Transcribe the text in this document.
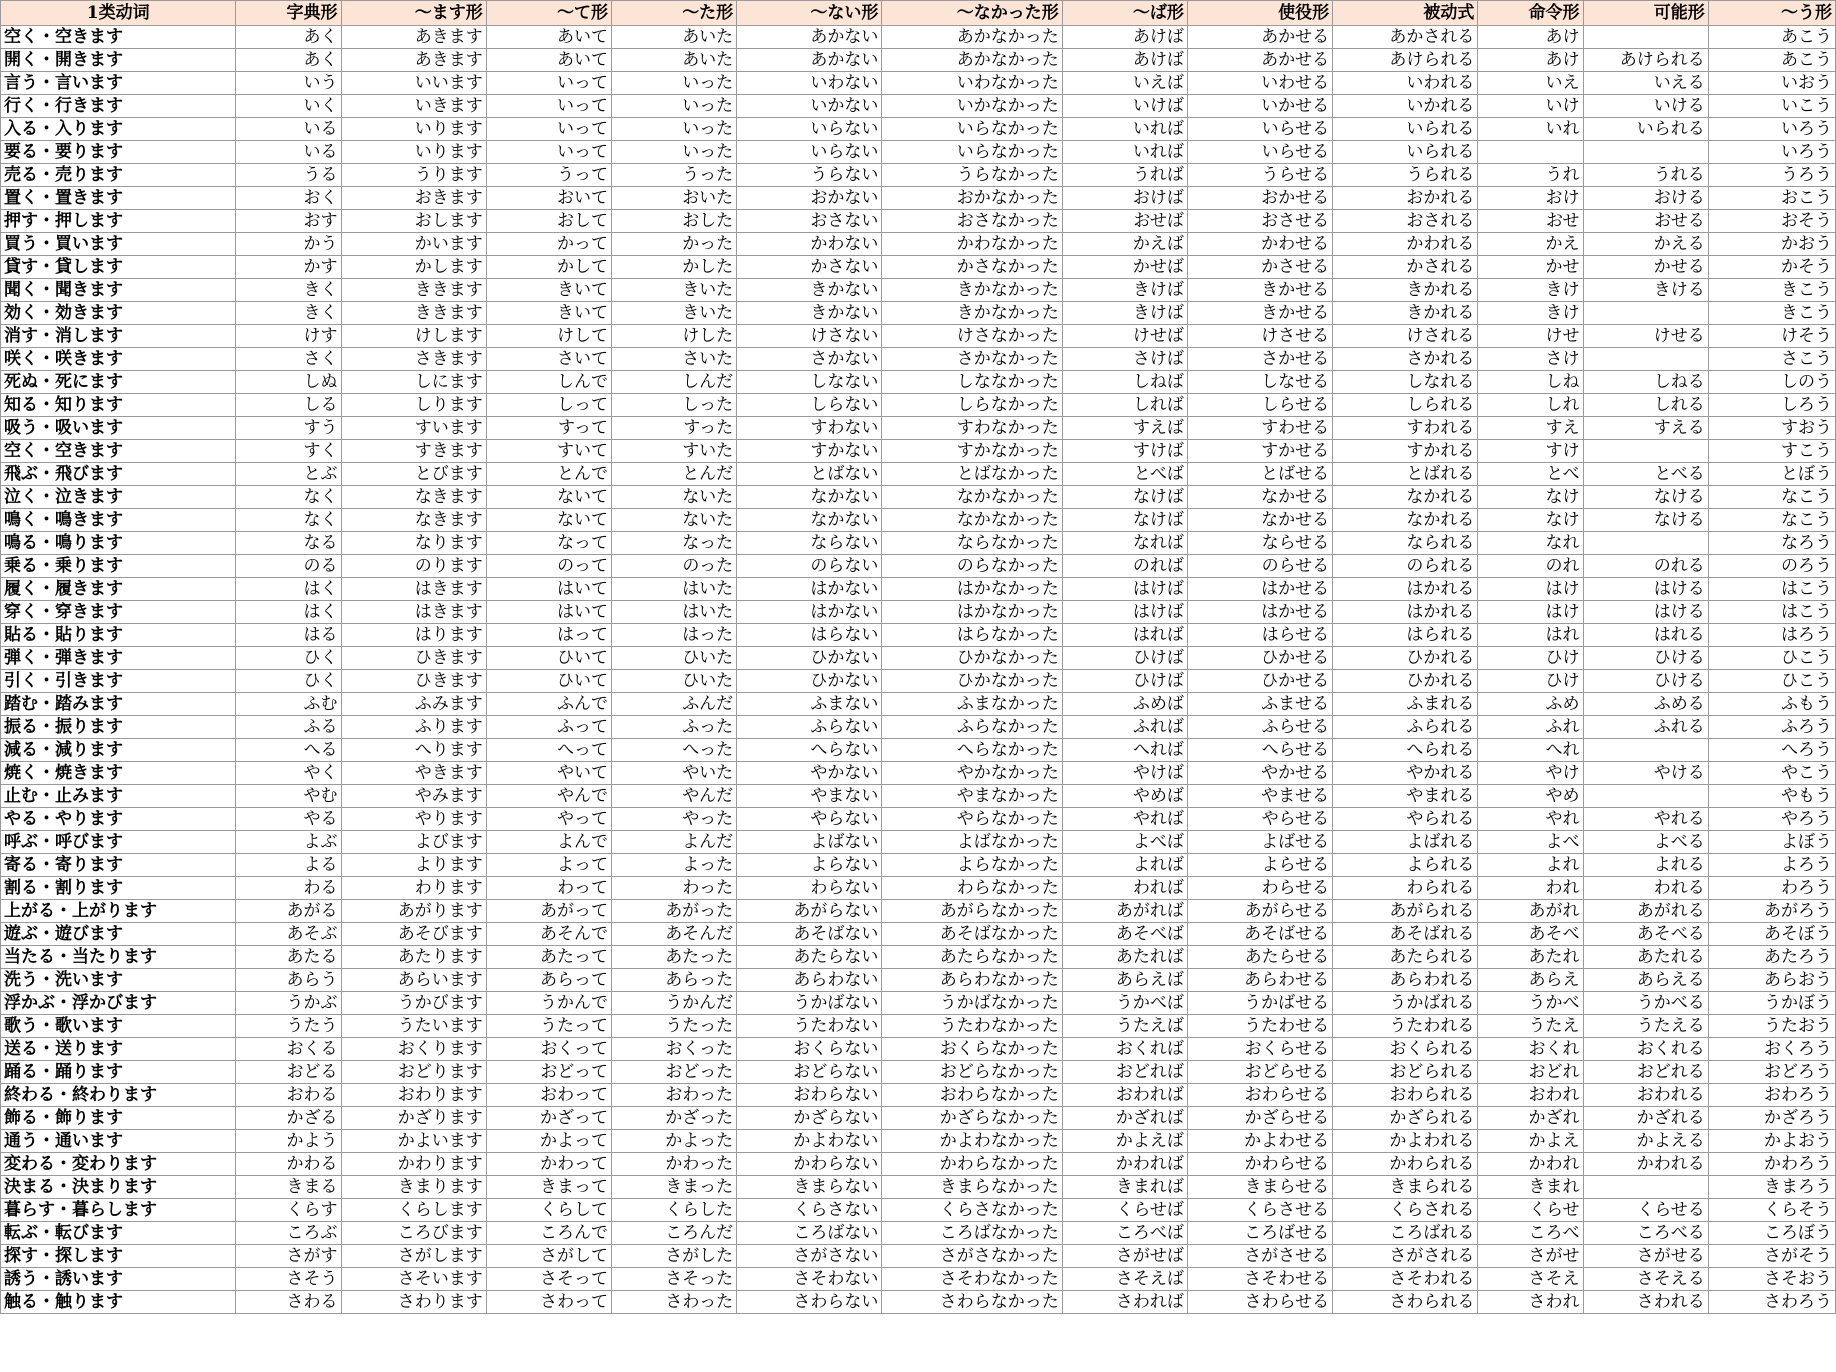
1类动词	字典形	～ます形	～て形	～た形	～ない形	～なかった形	～ば形	使役形	被动式	命令形	可能形	～う形
空く・空きます	あく	あきます	あいて	あいた	あかない	あかなかった	あけば	あかせる	あかされる	あけ		あこう
開く・開きます	あく	あきます	あいて	あいた	あかない	あかなかった	あけば	あかせる	あけられる	あけ	あけられる	あこう
言う・言います	いう	いいます	いって	いった	いわない	いわなかった	いえば	いわせる	いわれる	いえ	いえる	いおう
行く・行きます	いく	いきます	いって	いった	いかない	いかなかった	いけば	いかせる	いかれる	いけ	いける	いこう
入る・入ります	いる	いります	いって	いった	いらない	いらなかった	いれば	いらせる	いられる	いれ	いられる	いろう
要る・要ります	いる	いります	いって	いった	いらない	いらなかった	いれば	いらせる	いられる			いろう
売る・売ります	うる	うります	うって	うった	うらない	うらなかった	うれば	うらせる	うられる	うれ	うれる	うろう
置く・置きます	おく	おきます	おいて	おいた	おかない	おかなかった	おけば	おかせる	おかれる	おけ	おける	おこう
押す・押します	おす	おします	おして	おした	おさない	おさなかった	おせば	おさせる	おされる	おせ	おせる	おそう
買う・買います	かう	かいます	かって	かった	かわない	かわなかった	かえば	かわせる	かわれる	かえ	かえる	かおう
貸す・貸します	かす	かします	かして	かした	かさない	かさなかった	かせば	かさせる	かされる	かせ	かせる	かそう
聞く・聞きます	きく	ききます	きいて	きいた	きかない	きかなかった	きけば	きかせる	きかれる	きけ	きける	きこう
効く・効きます	きく	ききます	きいて	きいた	きかない	きかなかった	きけば	きかせる	きかれる	きけ		きこう
消す・消します	けす	けします	けして	けした	けさない	けさなかった	けせば	けさせる	けされる	けせ	けせる	けそう
咲く・咲きます	さく	さきます	さいて	さいた	さかない	さかなかった	さけば	さかせる	さかれる	さけ		さこう
死ぬ・死にます	しぬ	しにます	しんで	しんだ	しなない	しななかった	しねば	しなせる	しなれる	しね	しねる	しのう
知る・知ります	しる	しります	しって	しった	しらない	しらなかった	しれば	しらせる	しられる	しれ	しれる	しろう
吸う・吸います	すう	すいます	すって	すった	すわない	すわなかった	すえば	すわせる	すわれる	すえ	すえる	すおう
空く・空きます	すく	すきます	すいて	すいた	すかない	すかなかった	すけば	すかせる	すかれる	すけ		すこう
飛ぶ・飛びます	とぶ	とびます	とんで	とんだ	とばない	とばなかった	とべば	とばせる	とばれる	とべ	とべる	とぼう
泣く・泣きます	なく	なきます	ないて	ないた	なかない	なかなかった	なけば	なかせる	なかれる	なけ	なける	なこう
鳴く・鳴きます	なく	なきます	ないて	ないた	なかない	なかなかった	なけば	なかせる	なかれる	なけ	なける	なこう
鳴る・鳴ります	なる	なります	なって	なった	ならない	ならなかった	なれば	ならせる	なられる	なれ		なろう
乗る・乗ります	のる	のります	のって	のった	のらない	のらなかった	のれば	のらせる	のられる	のれ	のれる	のろう
履く・履きます	はく	はきます	はいて	はいた	はかない	はかなかった	はけば	はかせる	はかれる	はけ	はける	はこう
穿く・穿きます	はく	はきます	はいて	はいた	はかない	はかなかった	はけば	はかせる	はかれる	はけ	はける	はこう
貼る・貼ります	はる	はります	はって	はった	はらない	はらなかった	はれば	はらせる	はられる	はれ	はれる	はろう
弾く・弾きます	ひく	ひきます	ひいて	ひいた	ひかない	ひかなかった	ひけば	ひかせる	ひかれる	ひけ	ひける	ひこう
引く・引きます	ひく	ひきます	ひいて	ひいた	ひかない	ひかなかった	ひけば	ひかせる	ひかれる	ひけ	ひける	ひこう
踏む・踏みます	ふむ	ふみます	ふんで	ふんだ	ふまない	ふまなかった	ふめば	ふませる	ふまれる	ふめ	ふめる	ふもう
振る・振ります	ふる	ふります	ふって	ふった	ふらない	ふらなかった	ふれば	ふらせる	ふられる	ふれ	ふれる	ふろう
減る・減ります	へる	へります	へって	へった	へらない	へらなかった	へれば	へらせる	へられる	へれ		へろう
焼く・焼きます	やく	やきます	やいて	やいた	やかない	やかなかった	やけば	やかせる	やかれる	やけ	やける	やこう
止む・止みます	やむ	やみます	やんで	やんだ	やまない	やまなかった	やめば	やませる	やまれる	やめ		やもう
やる・やります	やる	やります	やって	やった	やらない	やらなかった	やれば	やらせる	やられる	やれ	やれる	やろう
呼ぶ・呼びます	よぶ	よびます	よんで	よんだ	よばない	よばなかった	よべば	よばせる	よばれる	よべ	よべる	よぼう
寄る・寄ります	よる	よります	よって	よった	よらない	よらなかった	よれば	よらせる	よられる	よれ	よれる	よろう
割る・割ります	わる	わります	わって	わった	わらない	わらなかった	われば	わらせる	わられる	われ	われる	わろう
上がる・上がります	あがる	あがります	あがって	あがった	あがらない	あがらなかった	あがれば	あがらせる	あがられる	あがれ	あがれる	あがろう
遊ぶ・遊びます	あそぶ	あそびます	あそんで	あそんだ	あそばない	あそばなかった	あそべば	あそばせる	あそばれる	あそべ	あそべる	あそぼう
当たる・当たります	あたる	あたります	あたって	あたった	あたらない	あたらなかった	あたれば	あたらせる	あたられる	あたれ	あたれる	あたろう
洗う・洗います	あらう	あらいます	あらって	あらった	あらわない	あらわなかった	あらえば	あらわせる	あらわれる	あらえ	あらえる	あらおう
浮かぶ・浮かびます	うかぶ	うかびます	うかんで	うかんだ	うかばない	うかばなかった	うかべば	うかばせる	うかばれる	うかべ	うかべる	うかぼう
歌う・歌います	うたう	うたいます	うたって	うたった	うたわない	うたわなかった	うたえば	うたわせる	うたわれる	うたえ	うたえる	うたおう
送る・送ります	おくる	おくります	おくって	おくった	おくらない	おくらなかった	おくれば	おくらせる	おくられる	おくれ	おくれる	おくろう
踊る・踊ります	おどる	おどります	おどって	おどった	おどらない	おどらなかった	おどれば	おどらせる	おどられる	おどれ	おどれる	おどろう
終わる・終わります	おわる	おわります	おわって	おわった	おわらない	おわらなかった	おわれば	おわらせる	おわられる	おわれ	おわれる	おわろう
飾る・飾ります	かざる	かざります	かざって	かざった	かざらない	かざらなかった	かざれば	かざらせる	かざられる	かざれ	かざれる	かざろう
通う・通います	かよう	かよいます	かよって	かよった	かよわない	かよわなかった	かよえば	かよわせる	かよわれる	かよえ	かよえる	かよおう
変わる・変わります	かわる	かわります	かわって	かわった	かわらない	かわらなかった	かわれば	かわらせる	かわられる	かわれ	かわれる	かわろう
決まる・決まります	きまる	きまります	きまって	きまった	きまらない	きまらなかった	きまれば	きまらせる	きまられる	きまれ		きまろう
暮らす・暮らします	くらす	くらします	くらして	くらした	くらさない	くらさなかった	くらせば	くらさせる	くらされる	くらせ	くらせる	くらそう
転ぶ・転びます	ころぶ	ころびます	ころんで	ころんだ	ころばない	ころばなかった	ころべば	ころばせる	ころばれる	ころべ	ころべる	ころぼう
探す・探します	さがす	さがします	さがして	さがした	さがさない	さがさなかった	さがせば	さがさせる	さがされる	さがせ	さがせる	さがそう
誘う・誘います	さそう	さそいます	さそって	さそった	さそわない	さそわなかった	さそえば	さそわせる	さそわれる	さそえ	さそえる	さそおう
触る・触ります	さわる	さわります	さわって	さわった	さわらない	さわらなかった	さわれば	さわらせる	さわられる	さわれ	さわれる	さわろう
